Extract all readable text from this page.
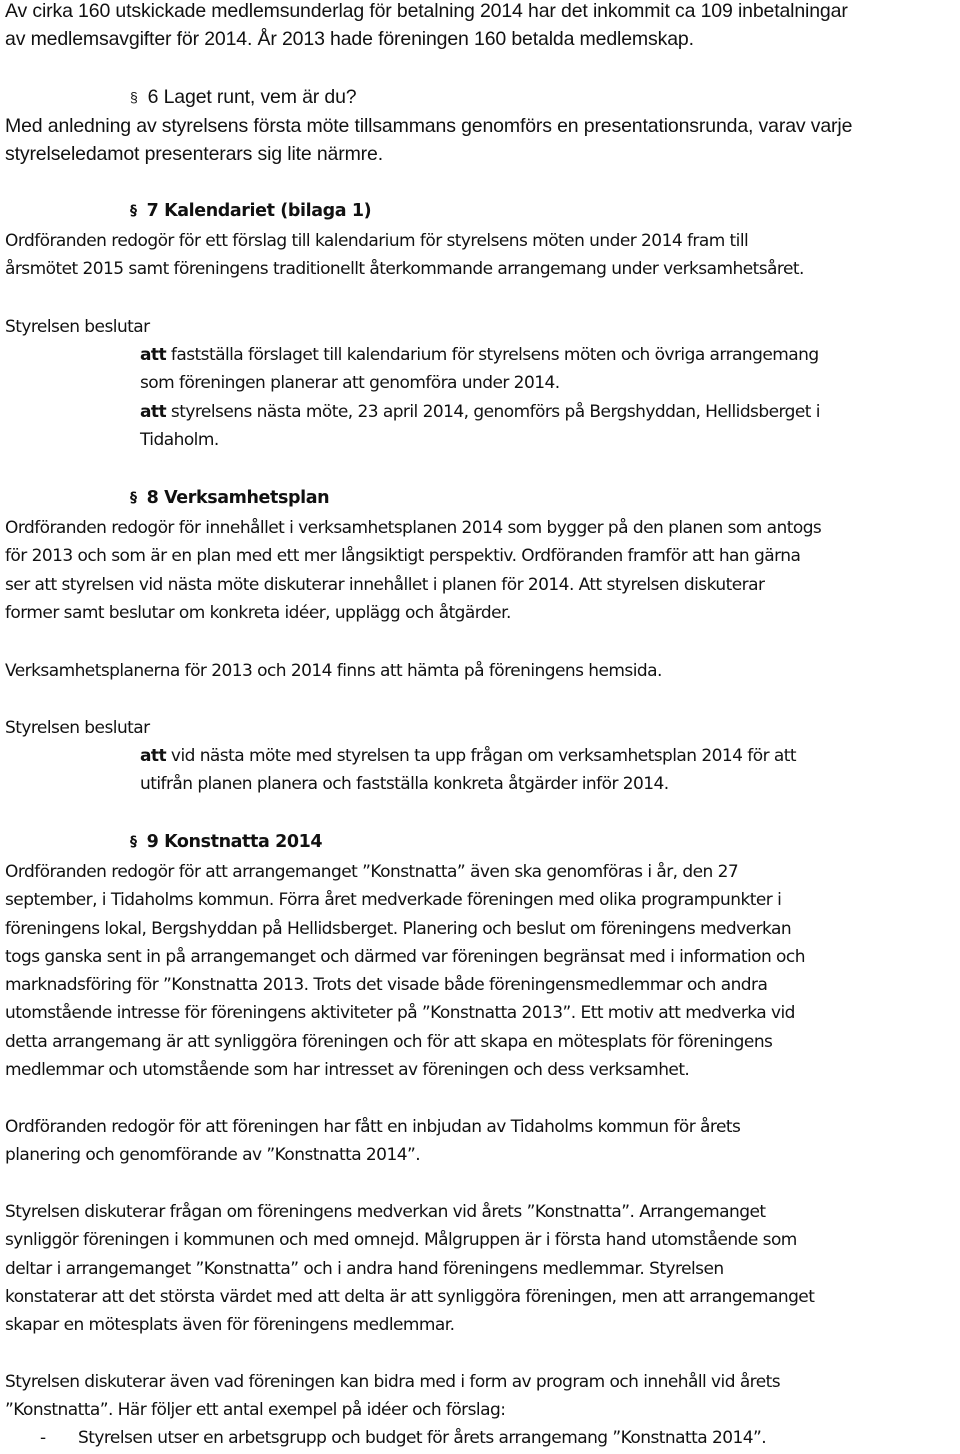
Av cirka 160 utskickade medlemsunderlag för betalning 2014 har det inkommit ca 109 inbetalningar

av medlemsavgifter för 2014. År 2013 hade föreningen 160 betalda medlemskap.

§ 6 Laget runt, vem är du?

Med anledning av styrelsens första möte tillsammans genomförs en presentationsrunda, varav varje

styrelseledamot presenterars sig lite närmre.

§ 7 Kalendariet (bilaga 1)

Ordföranden redogör för ett förslag till kalendarium för styrelsens möten under 2014 fram till

årsmötet 2015 samt föreningens traditionellt återkommande arrangemang under verksamhetsåret.

Styrelsen beslutar

att fastställa förslaget till kalendarium för styrelsens möten och övriga arrangemang

som föreningen planerar att genomföra under 2014.

att styrelsens nästa möte, 23 april 2014, genomförs på Bergshyddan, Hellidsberget i

Tidaholm.

§ 8 Verksamhetsplan

Ordföranden redogör för innehållet i verksamhetsplanen 2014 som bygger på den planen som antogs

för 2013 och som är en plan med ett mer långsiktigt perspektiv. Ordföranden framför att han gärna

ser att styrelsen vid nästa möte diskuterar innehållet i planen för 2014. Att styrelsen diskuterar

former samt beslutar om konkreta idéer, upplägg och åtgärder.

Verksamhetsplanerna för 2013 och 2014 finns att hämta på föreningens hemsida.

Styrelsen beslutar

att vid nästa möte med styrelsen ta upp frågan om verksamhetsplan 2014 för att

utifrån planen planera och fastställa konkreta åtgärder inför 2014.

§ 9 Konstnatta 2014

Ordföranden redogör för att arrangemanget ”Konstnatta” även ska genomföras i år, den 27

september, i Tidaholms kommun. Förra året medverkade föreningen med olika programpunkter i

föreningens lokal, Bergshyddan på Hellidsberget. Planering och beslut om föreningens medverkan

togs ganska sent in på arrangemanget och därmed var föreningen begränsat med i information och

marknadsföring för ”Konstnatta 2013. Trots det visade både föreningensmedlemmar och andra

utomstående intresse för föreningens aktiviteter på ”Konstnatta 2013”. Ett motiv att medverka vid

detta arrangemang är att synliggöra föreningen och för att skapa en mötesplats för föreningens

medlemmar och utomstående som har intresset av föreningen och dess verksamhet.

Ordföranden redogör för att föreningen har fått en inbjudan av Tidaholms kommun för årets

planering och genomförande av ”Konstnatta 2014”.

Styrelsen diskuterar frågan om föreningens medverkan vid årets ”Konstnatta”. Arrangemanget

synliggör föreningen i kommunen och med omnejd. Målgruppen är i första hand utomstående som

deltar i arrangemanget ”Konstnatta” och i andra hand föreningens medlemmar. Styrelsen

konstaterar att det största värdet med att delta är att synliggöra föreningen, men att arrangemanget

skapar en mötesplats även för föreningens medlemmar.

Styrelsen diskuterar även vad föreningen kan bidra med i form av program och innehåll vid årets

”Konstnatta”. Här följer ett antal exempel på idéer och förslag:

- Styrelsen utser en arbetsgrupp och budget för årets arrangemang ”Konstnatta 2014”.
